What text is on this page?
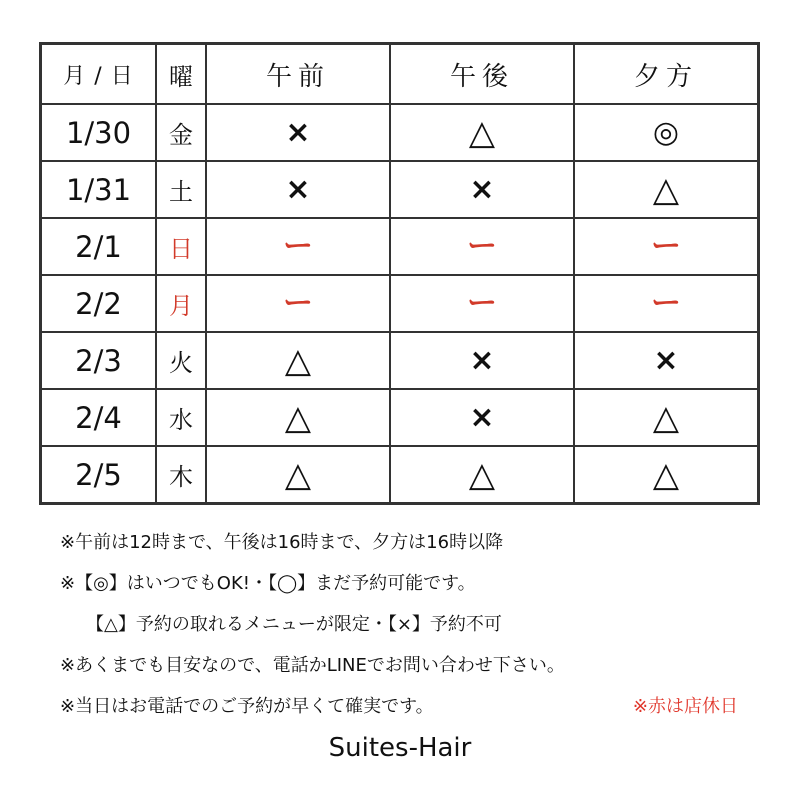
月 / 日	曜	午前	午後	夕方
1/30	金	×	△	◎
1/31	土	×	×	△
2/1	日	ー	ー	ー
2/2	月	ー	ー	ー
2/3	火	△	×	×
2/4	水	△	×	△
2/5	木	△	△	△
※午前は12時まで、午後は16時まで、夕方は16時以降
※【◎】はいつでもOK!・【◯】まだ予約可能です。
【△】予約の取れるメニューが限定・【×】予約不可
※あくまでも目安なので、電話かLINEでお問い合わせ下さい。
※当日はお電話でのご予約が早くて確実です。	※赤は店休日
Suites-Hair
